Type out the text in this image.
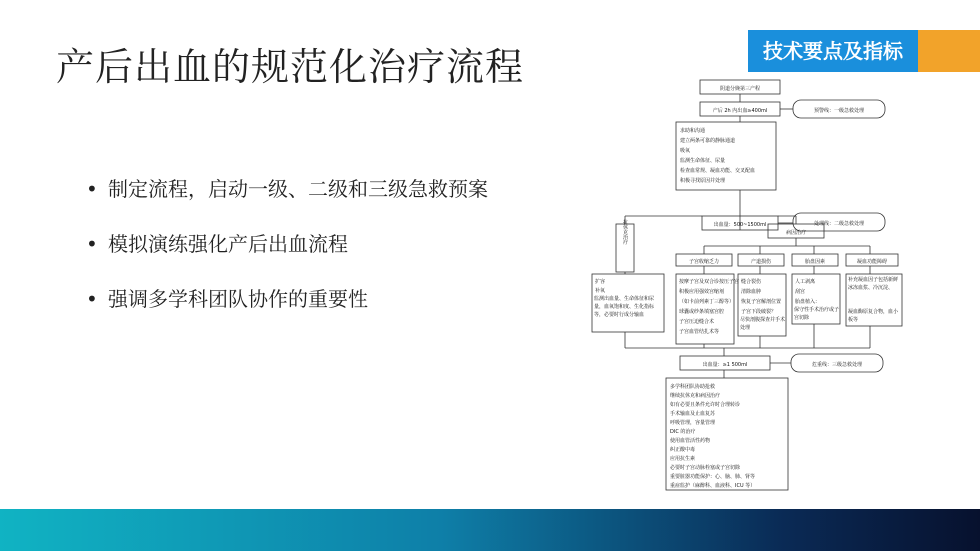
产后出血的规范化治疗流程	技术要点及指标
• 制定流程，启动一级、二级和三级急救预案
• 模拟演练强化产后出血流程
• 强调多学科团队协作的重要性
阴道分娩第三产程
产后 2h 内出血≥400ml	预警线：一级急救处理
求助和沟通
建立两条可靠的静脉通道
吸氧
监测生命体征、尿量
检查血常规、凝血功能、交叉配血
积极寻找原因并处理
出血量：500~1500ml	处理线：二级急救处理
抗休克治疗	病因治疗
子宫收缩乏力	产道损伤	胎盘因素	凝血功能障碍
扩容
补氧
监测出血量、生命体征和尿量，血氧饱和度、生化指标等，必要时行成分输血
按摩子宫及双合诊按压子宫
积极应用强效宫缩剂
（如卡前列素丁三醇等）
球囊或纱条填塞宫腔
子宫压迫缝合术
子宫血管结扎术等
缝合裂伤
清除血肿
恢复子宫解剖位置
子宫下段破裂？
尽快剖腹探查并手术处理
人工剥离
刮宫
胎盘植入：
保守性手术治疗或子宫切除
补充凝血因子包括新鲜冰冻血浆、冷沉淀、
凝血酶原复合物，血小板等
出血量：≥1 500ml	危重线：三级急救处理
多学科团队协助抢救
继续抗休克和病因治疗
如有必要且条件允许时合理转诊
手术输血及止血复苏
呼吸管理，容量管理
DIC 的治疗
使用血管活性药物
纠正酸中毒
应用抗生素
必要时子宫动脉栓塞或子宫切除
重要脏器功能保护：心、脑、肺、肾等
重症监护（麻醉科、血液科、ICU 等）
